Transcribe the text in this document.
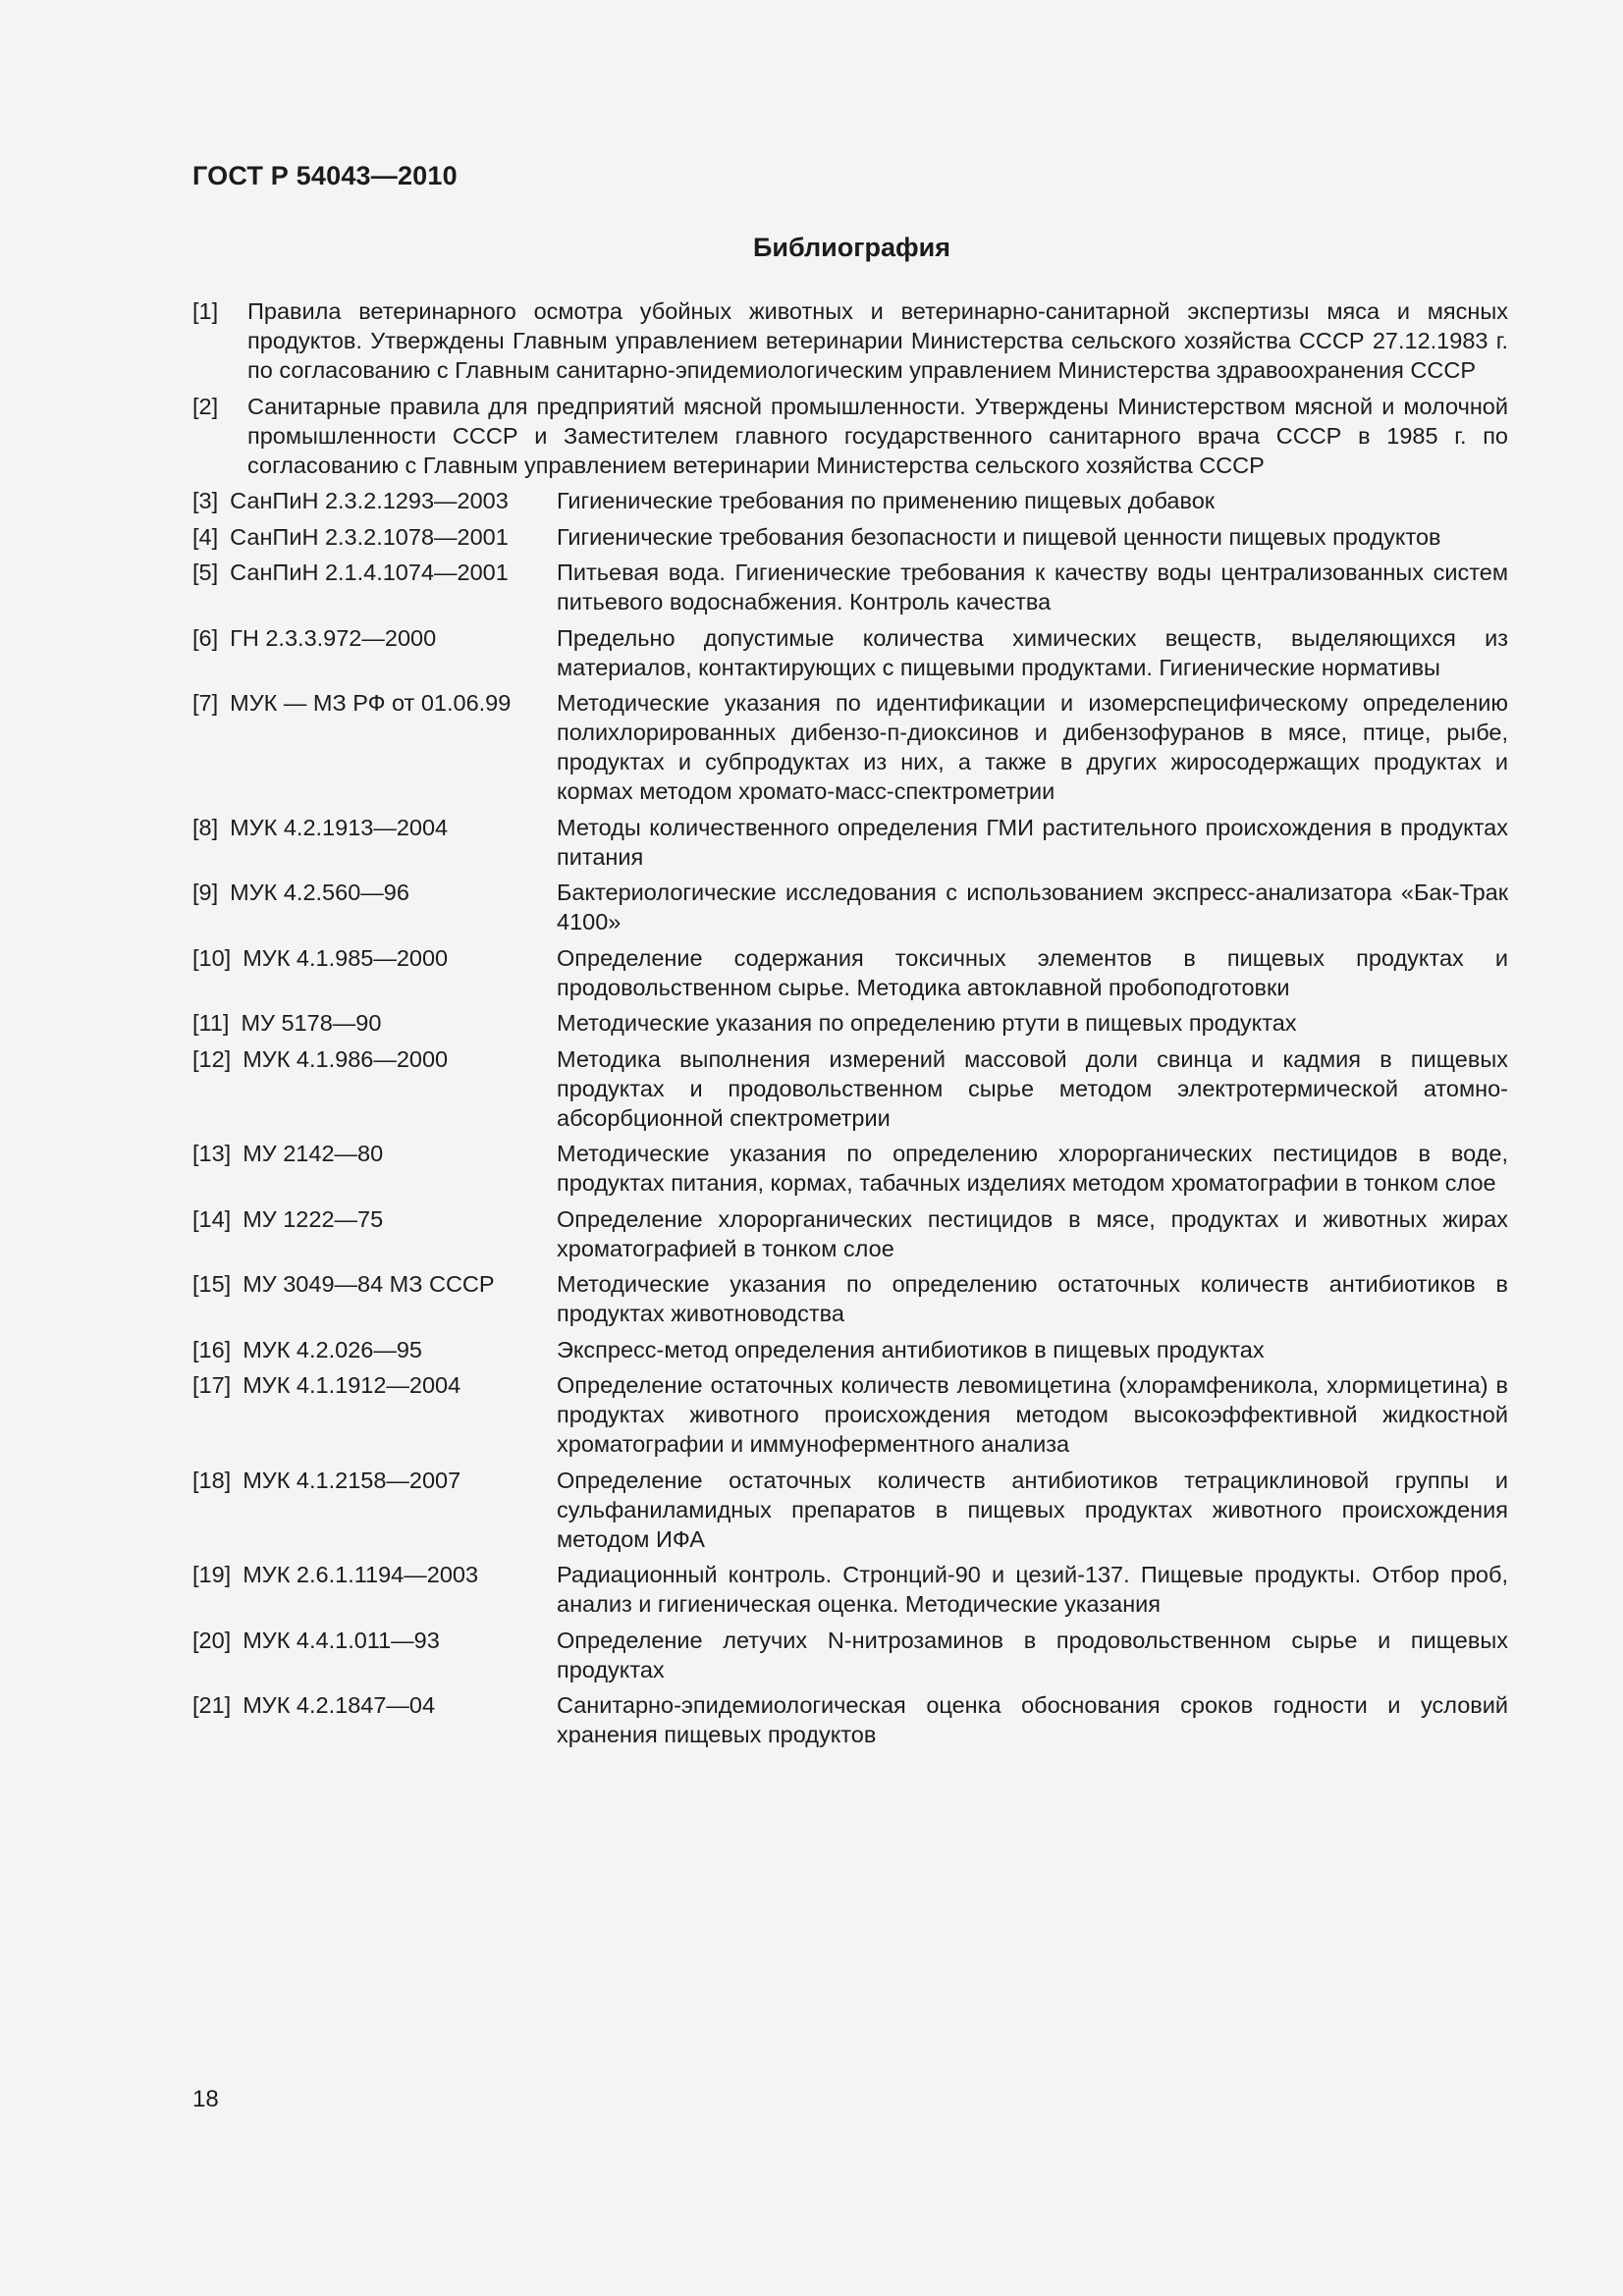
ГОСТ Р 54043—2010
Библиография
[1]	Правила ветеринарного осмотра убойных животных и ветеринарно-санитарной экспертизы мяса и мясных продуктов. Утверждены Главным управлением ветеринарии Министерства сельского хозяйства СССР 27.12.1983 г. по согласованию с Главным санитарно-эпидемиологическим управлением Министерства здравоохранения СССР
[2]	Санитарные правила для предприятий мясной промышленности. Утверждены Министерством мясной и молочной промышленности СССР и Заместителем главного государственного санитарного врача СССР в 1985 г. по согласованию с Главным управлением ветеринарии Министерства сельского хозяйства СССР
[3] СанПиН 2.3.2.1293—2003 Гигиенические требования по применению пищевых добавок
[4] СанПиН 2.3.2.1078—2001 Гигиенические требования безопасности и пищевой ценности пищевых продуктов
[5] СанПиН 2.1.4.1074—2001 Питьевая вода. Гигиенические требования к качеству воды централизованных систем питьевого водоснабжения. Контроль качества
[6] ГН 2.3.3.972—2000	Предельно допустимые количества химических веществ, выделяющихся из материалов, контактирующих с пищевыми продуктами. Гигиенические нормативы
[7] МУК — МЗ РФ от 01.06.99 Методические указания по идентификации и изомерспецифическому определению полихлорированных дибензо-п-диоксинов и дибензофуранов в мясе, птице, рыбе, продуктах и субпродуктах из них, а также в других жиросодержащих продуктах и кормах методом хромато-масс-спектрометрии
[8] МУК 4.2.1913—2004	Методы количественного определения ГМИ растительного происхождения в продуктах питания
[9] МУК 4.2.560—96	Бактериологические исследования с использованием экспресс-анализатора «Бак-Трак 4100»
[10] МУК 4.1.985—2000	Определение содержания токсичных элементов в пищевых продуктах и продовольственном сырье. Методика автоклавной пробоподготовки
[11] МУ 5178—90	Методические указания по определению ртути в пищевых продуктах
[12] МУК 4.1.986—2000	Методика выполнения измерений массовой доли свинца и кадмия в пищевых продуктах и продовольственном сырье методом электротермической атомно-абсорбционной спектрометрии
[13] МУ 2142—80	Методические указания по определению хлорорганических пестицидов в воде, продуктах питания, кормах, табачных изделиях методом хроматографии в тонком слое
[14] МУ 1222—75	Определение хлорорганических пестицидов в мясе, продуктах и животных жирах хроматографией в тонком слое
[15] МУ 3049—84 МЗ СССР	Методические указания по определению остаточных количеств антибиотиков в продуктах животноводства
[16] МУК 4.2.026—95	Экспресс-метод определения антибиотиков в пищевых продуктах
[17] МУК 4.1.1912—2004	Определение остаточных количеств левомицетина (хлорамфеникола, хлормицетина) в продуктах животного происхождения методом высокоэффективной жидкостной хроматографии и иммуноферментного анализа
[18] МУК 4.1.2158—2007	Определение остаточных количеств антибиотиков тетрациклиновой группы и сульфаниламидных препаратов в пищевых продуктах животного происхождения методом ИФА
[19] МУК 2.6.1.1194—2003	Радиационный контроль. Стронций-90 и цезий-137. Пищевые продукты. Отбор проб, анализ и гигиеническая оценка. Методические указания
[20] МУК 4.4.1.011—93	Определение летучих N-нитрозаминов в продовольственном сырье и пищевых продуктах
[21] МУК 4.2.1847—04	Санитарно-эпидемиологическая оценка обоснования сроков годности и условий хранения пищевых продуктов
18
